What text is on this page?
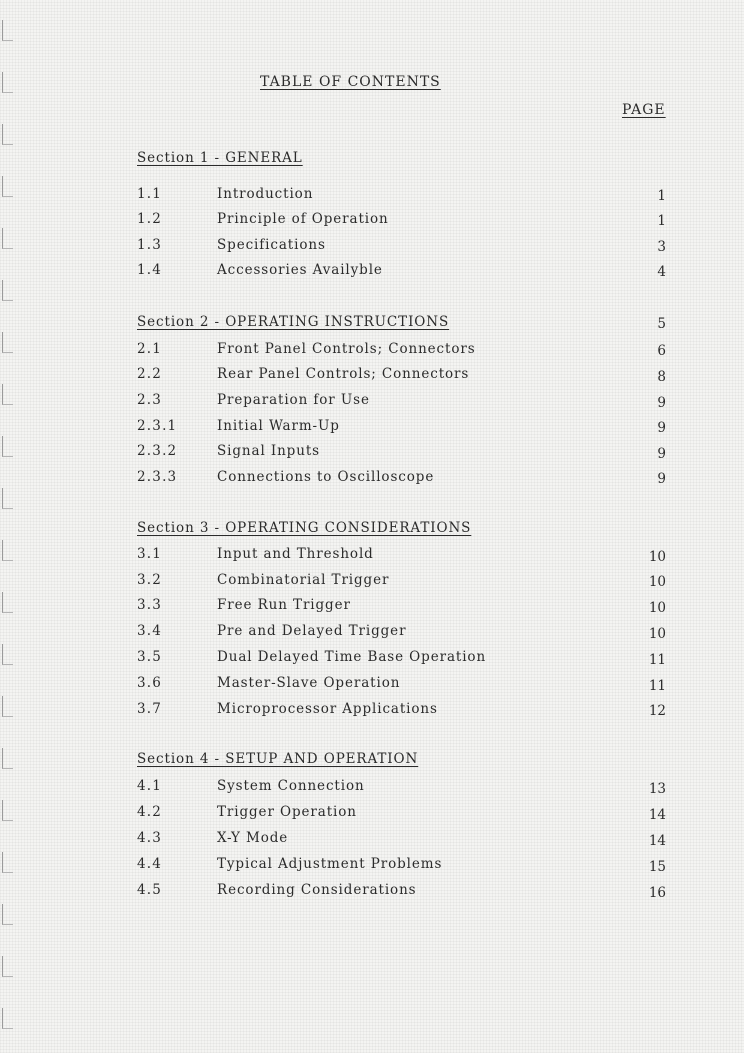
TABLE OF CONTENTS
PAGE
Section 1 - GENERAL
1.1	Introduction	1
1.2	Principle of Operation	1
1.3	Specifications	3
1.4	Accessories Availyble	4
Section 2 - OPERATING INSTRUCTIONS	5
2.1	Front Panel Controls; Connectors	6
2.2	Rear Panel Controls; Connectors	8
2.3	Preparation for Use	9
2.3.1	Initial Warm-Up	9
2.3.2	Signal Inputs	9
2.3.3	Connections to Oscilloscope	9
Section 3 - OPERATING CONSIDERATIONS
3.1	Input and Threshold	10
3.2	Combinatorial Trigger	10
3.3	Free Run Trigger	10
3.4	Pre and Delayed Trigger	10
3.5	Dual Delayed Time Base Operation	11
3.6	Master-Slave Operation	11
3.7	Microprocessor Applications	12
Section 4 - SETUP AND OPERATION
4.1	System Connection	13
4.2	Trigger Operation	14
4.3	X-Y Mode	14
4.4	Typical Adjustment Problems	15
4.5	Recording Considerations	16
